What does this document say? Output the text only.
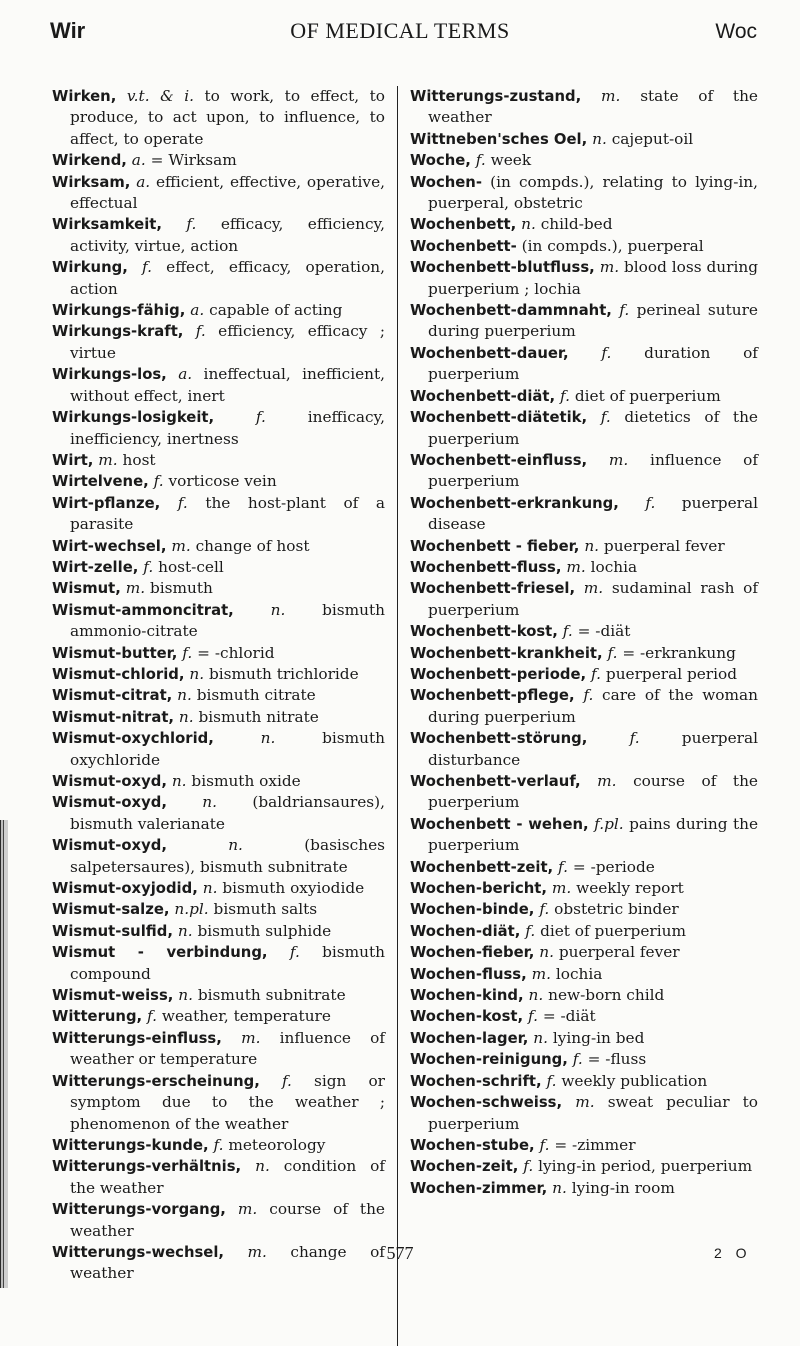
OF MEDICAL TERMS
Wir	Woc
Wirken, v.t. & i. to work, to effect, to produce, to act upon, to influence, to affect, to operate
Wirkend, a. = Wirksam
Wirksam, a. efficient, effective, operative, effectual
Wirksamkeit, f. efficacy, efficiency, activity, virtue, action
Wirkung, f. effect, efficacy, operation, action
Wirkungs-fähig, a. capable of acting
Wirkungs-kraft, f. efficiency, efficacy ; virtue
Wirkungs-los, a. ineffectual, inefficient, without effect, inert
Wirkungs-losigkeit,	f.	inefficacy, inefficiency, inertness
Wirt, m. host
Wirtelvene, f. vorticose vein
Wirt-pflanze, f. the host-plant of a parasite
Wirt-wechsel, m. change of host
Wirt-zelle, f. host-cell
Wismut, m. bismuth
Wismut-ammoncitrat, n. bismuth ammonio-citrate
Wismut-butter, f. = -chlorid
Wismut-chlorid, n. bismuth trichloride
Wismut-citrat, n. bismuth citrate
Wismut-nitrat, n. bismuth nitrate
Wismut-oxychlorid,	n.	bismuth oxychloride
Wismut-oxyd, n. bismuth oxide
Wismut-oxyd, n. (baldriansaures), bismuth valerianate
Wismut-oxyd,	n.	(basisches salpetersaures), bismuth subnitrate
Wismut-oxyjodid, n. bismuth oxyiodide
Wismut-salze, n.pl. bismuth salts
Wismut-sulfid, n. bismuth sulphide
Wismut - verbindung, f. bismuth compound
Wismut-weiss, n. bismuth subnitrate
Witterung, f. weather, temperature
Witterungs-einfluss, m. influence of weather or temperature
Witterungs-erscheinung, f. sign or symptom due to the weather ; phenomenon of the weather
Witterungs-kunde, f. meteorology
Witterungs-verhältnis, n. condition of the weather
Witterungs-vorgang, m. course of the weather
Witterungs-wechsel, m. change of weather
Witterungs-zustand, m. state of the weather
Wittneben'sches Oel, n. cajeput-oil
Woche, f. week
Wochen- (in compds.), relating to lying-in, puerperal, obstetric
Wochenbett, n. child-bed
Wochenbett- (in compds.), puerperal
Wochenbett-blutfluss, m. blood loss during puerperium ; lochia
Wochenbett-dammnaht, f. perineal suture during puerperium
Wochenbett-dauer, f. duration of puerperium
Wochenbett-diät, f. diet of puerperium
Wochenbett-diätetik, f. dietetics of the puerperium
Wochenbett-einfluss, m. influence of puerperium
Wochenbett-erkrankung, f. puerperal disease
Wochenbett - fieber, n. puerperal fever
Wochenbett-fluss, m. lochia
Wochenbett-friesel, m. sudaminal rash of puerperium
Wochenbett-kost, f. = -diät
Wochenbett-krankheit, f. = -erkrankung
Wochenbett-periode, f. puerperal period
Wochenbett-pflege, f. care of the woman during puerperium
Wochenbett-störung,	f.	puerperal disturbance
Wochenbett-verlauf, m. course of the puerperium
Wochenbett - wehen, f.pl. pains during the puerperium
Wochenbett-zeit, f. = -periode
Wochen-bericht, m. weekly report
Wochen-binde, f. obstetric binder
Wochen-diät, f. diet of puerperium
Wochen-fieber, n. puerperal fever
Wochen-fluss, m. lochia
Wochen-kind, n. new-born child
Wochen-kost, f. = -diät
Wochen-lager, n. lying-in bed
Wochen-reinigung, f. = -fluss
Wochen-schrift, f. weekly publication
Wochen-schweiss, m. sweat peculiar to puerperium
Wochen-stube, f. = -zimmer
Wochen-zeit, f. lying-in period, puerperium
Wochen-zimmer, n. lying-in room
577	2 O
